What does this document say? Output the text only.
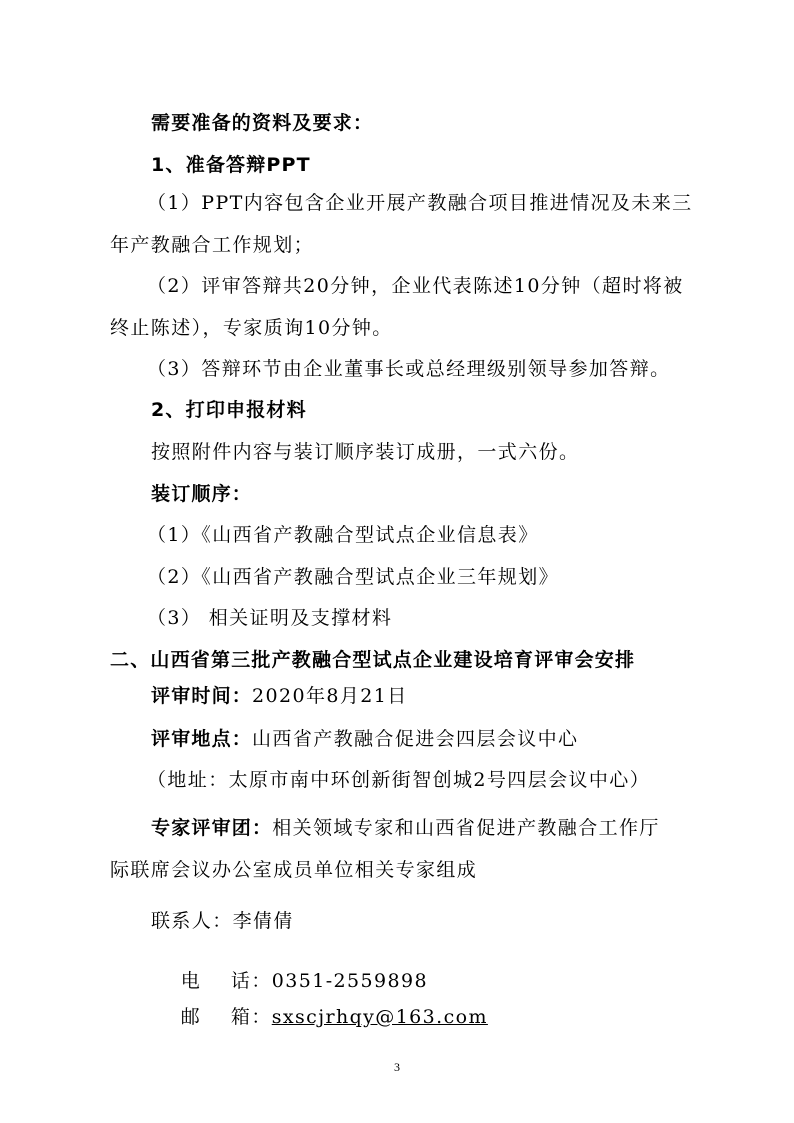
需要准备的资料及要求：
1、准备答辩PPT
（1）PPT内容包含企业开展产教融合项目推进情况及未来三
年产教融合工作规划；
（2）评审答辩共20分钟，企业代表陈述10分钟（超时将被
终止陈述），专家质询10分钟。
（3）答辩环节由企业董事长或总经理级别领导参加答辩。
2、打印申报材料
按照附件内容与装订顺序装订成册，一式六份。
装订顺序：
（1）《山西省产教融合型试点企业信息表》
（2）《山西省产教融合型试点企业三年规划》
（3） 相关证明及支撑材料
二、山西省第三批产教融合型试点企业建设培育评审会安排
评审时间：2020年8月21日
评审地点：山西省产教融合促进会四层会议中心
（地址：太原市南中环创新街智创城2号四层会议中心）
专家评审团：相关领域专家和山西省促进产教融合工作厅
际联席会议办公室成员单位相关专家组成
联系人：李倩倩

电    话：0351-2559898

邮    箱：sxscjrhqy@163.com

3
